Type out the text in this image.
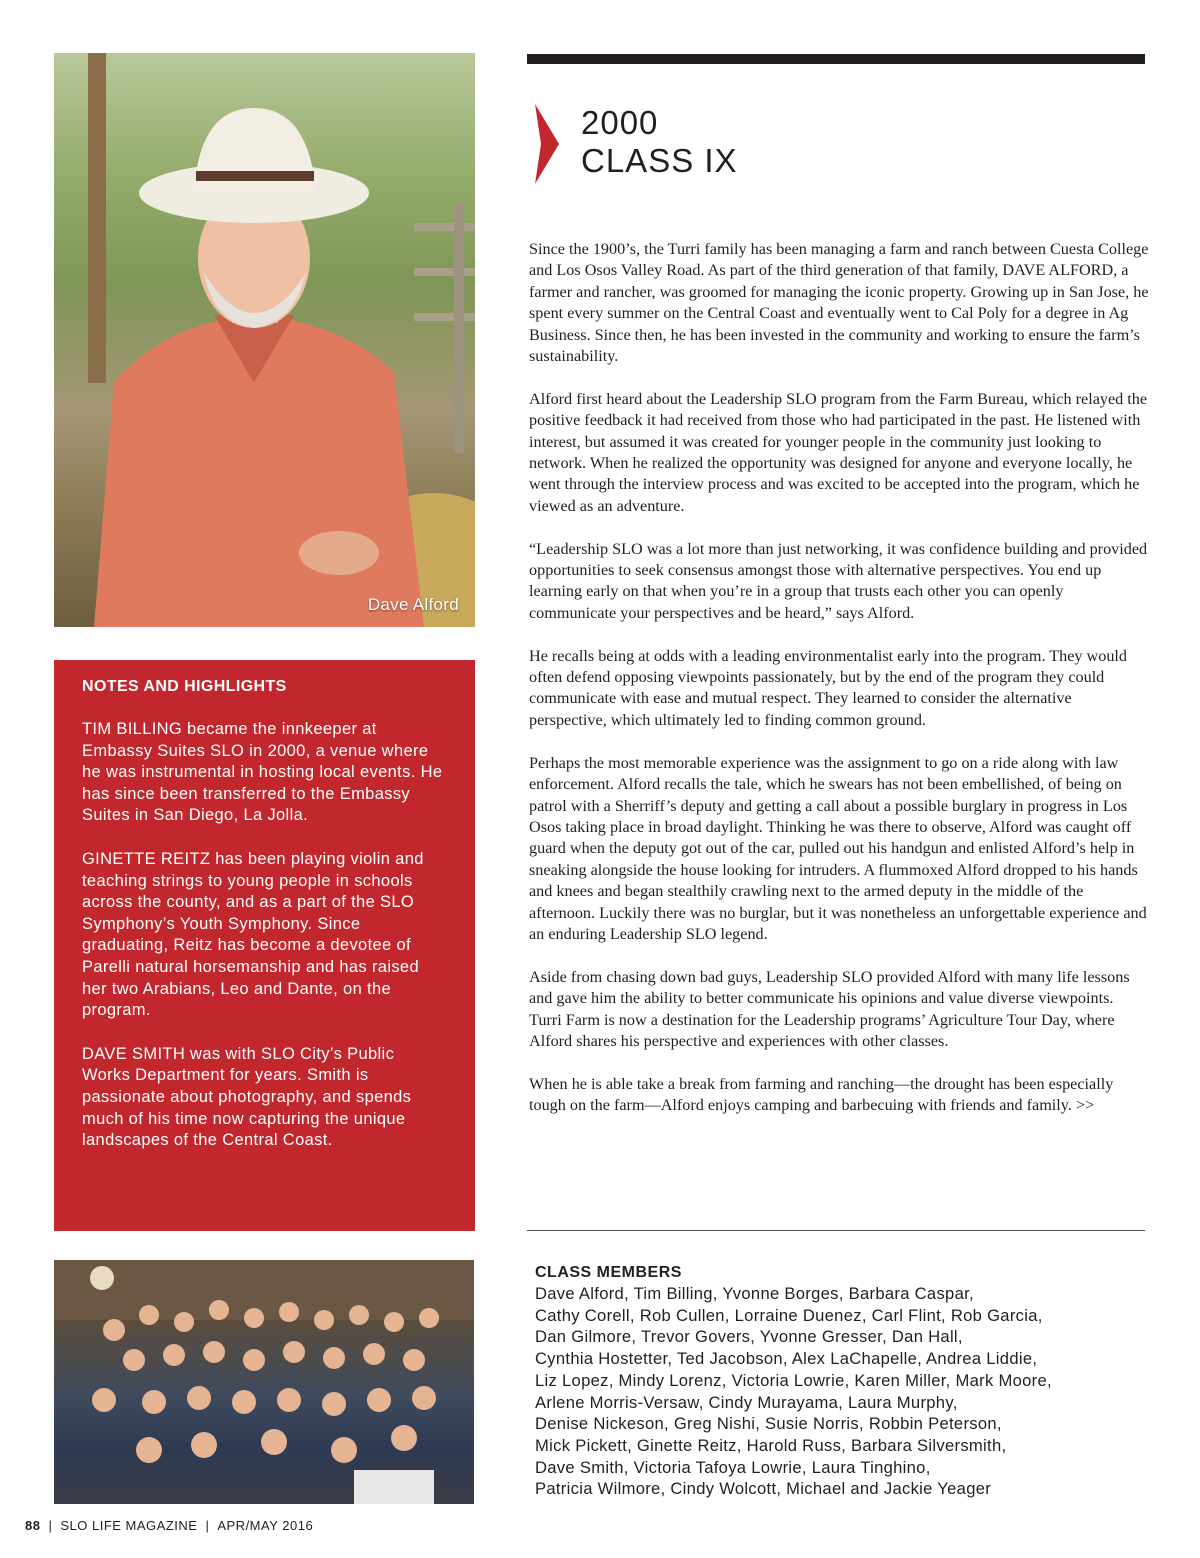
Dave Alford
NOTES AND HIGHLIGHTS

TIM BILLING became the innkeeper at Embassy Suites SLO in 2000, a venue where he was instrumental in hosting local events. He has since been transferred to the Embassy Suites in San Diego, La Jolla.

GINETTE REITZ has been playing violin and teaching strings to young people in schools across the county, and as a part of the SLO Symphony’s Youth Symphony. Since graduating, Reitz has become a devotee of Parelli natural horsemanship and has raised her two Arabians, Leo and Dante, on the program.

DAVE SMITH was with SLO City’s Public Works Department for years. Smith is passionate about photography, and spends much of his time now capturing the unique landscapes of the Central Coast.

2000
CLASS IX

Since the 1900’s, the Turri family has been managing a farm and ranch between Cuesta College and Los Osos Valley Road. As part of the third generation of that family, DAVE ALFORD, a farmer and rancher, was groomed for managing the iconic property. Growing up in San Jose, he spent every summer on the Central Coast and eventually went to Cal Poly for a degree in Ag Business. Since then, he has been invested in the community and working to ensure the farm’s sustainability.

Alford first heard about the Leadership SLO program from the Farm Bureau, which relayed the positive feedback it had received from those who had participated in the past. He listened with interest, but assumed it was created for younger people in the community just looking to network. When he realized the opportunity was designed for anyone and everyone locally, he went through the interview process and was excited to be accepted into the program, which he viewed as an adventure.

“Leadership SLO was a lot more than just networking, it was confidence building and provided opportunities to seek consensus amongst those with alternative perspectives. You end up learning early on that when you’re in a group that trusts each other you can openly communicate your perspectives and be heard,” says Alford.

He recalls being at odds with a leading environmentalist early into the program. They would often defend opposing viewpoints passionately, but by the end of the program they could communicate with ease and mutual respect. They learned to consider the alternative perspective, which ultimately led to finding common ground.

Perhaps the most memorable experience was the assignment to go on a ride along with law enforcement. Alford recalls the tale, which he swears has not been embellished, of being on patrol with a Sherriff’s deputy and getting a call about a possible burglary in progress in Los Osos taking place in broad daylight. Thinking he was there to observe, Alford was caught off guard when the deputy got out of the car, pulled out his handgun and enlisted Alford’s help in sneaking alongside the house looking for intruders. A flummoxed Alford dropped to his hands and knees and began stealthily crawling next to the armed deputy in the middle of the afternoon. Luckily there was no burglar, but it was nonetheless an unforgettable experience and an enduring Leadership SLO legend.

Aside from chasing down bad guys, Leadership SLO provided Alford with many life lessons and gave him the ability to better communicate his opinions and value diverse viewpoints. Turri Farm is now a destination for the Leadership programs’ Agriculture Tour Day, where Alford shares his perspective and experiences with other classes.

When he is able take a break from farming and ranching—the drought has been especially tough on the farm—Alford enjoys camping and barbecuing with friends and family. >>

CLASS MEMBERS

Dave Alford, Tim Billing, Yvonne Borges, Barbara Caspar,
Cathy Corell, Rob Cullen, Lorraine Duenez, Carl Flint, Rob Garcia,
Dan Gilmore, Trevor Govers, Yvonne Gresser, Dan Hall,
Cynthia Hostetter, Ted Jacobson, Alex LaChapelle, Andrea Liddie,
Liz Lopez, Mindy Lorenz, Victoria Lowrie, Karen Miller, Mark Moore,
Arlene Morris-Versaw, Cindy Murayama, Laura Murphy,
Denise Nickeson, Greg Nishi, Susie Norris, Robbin Peterson,
Mick Pickett, Ginette Reitz, Harold Russ, Barbara Silversmith,
Dave Smith, Victoria Tafoya Lowrie, Laura Tinghino,
Patricia Wilmore, Cindy Wolcott, Michael and Jackie Yeager

88 | SLO LIFE MAGAZINE | APR/MAY 2016
